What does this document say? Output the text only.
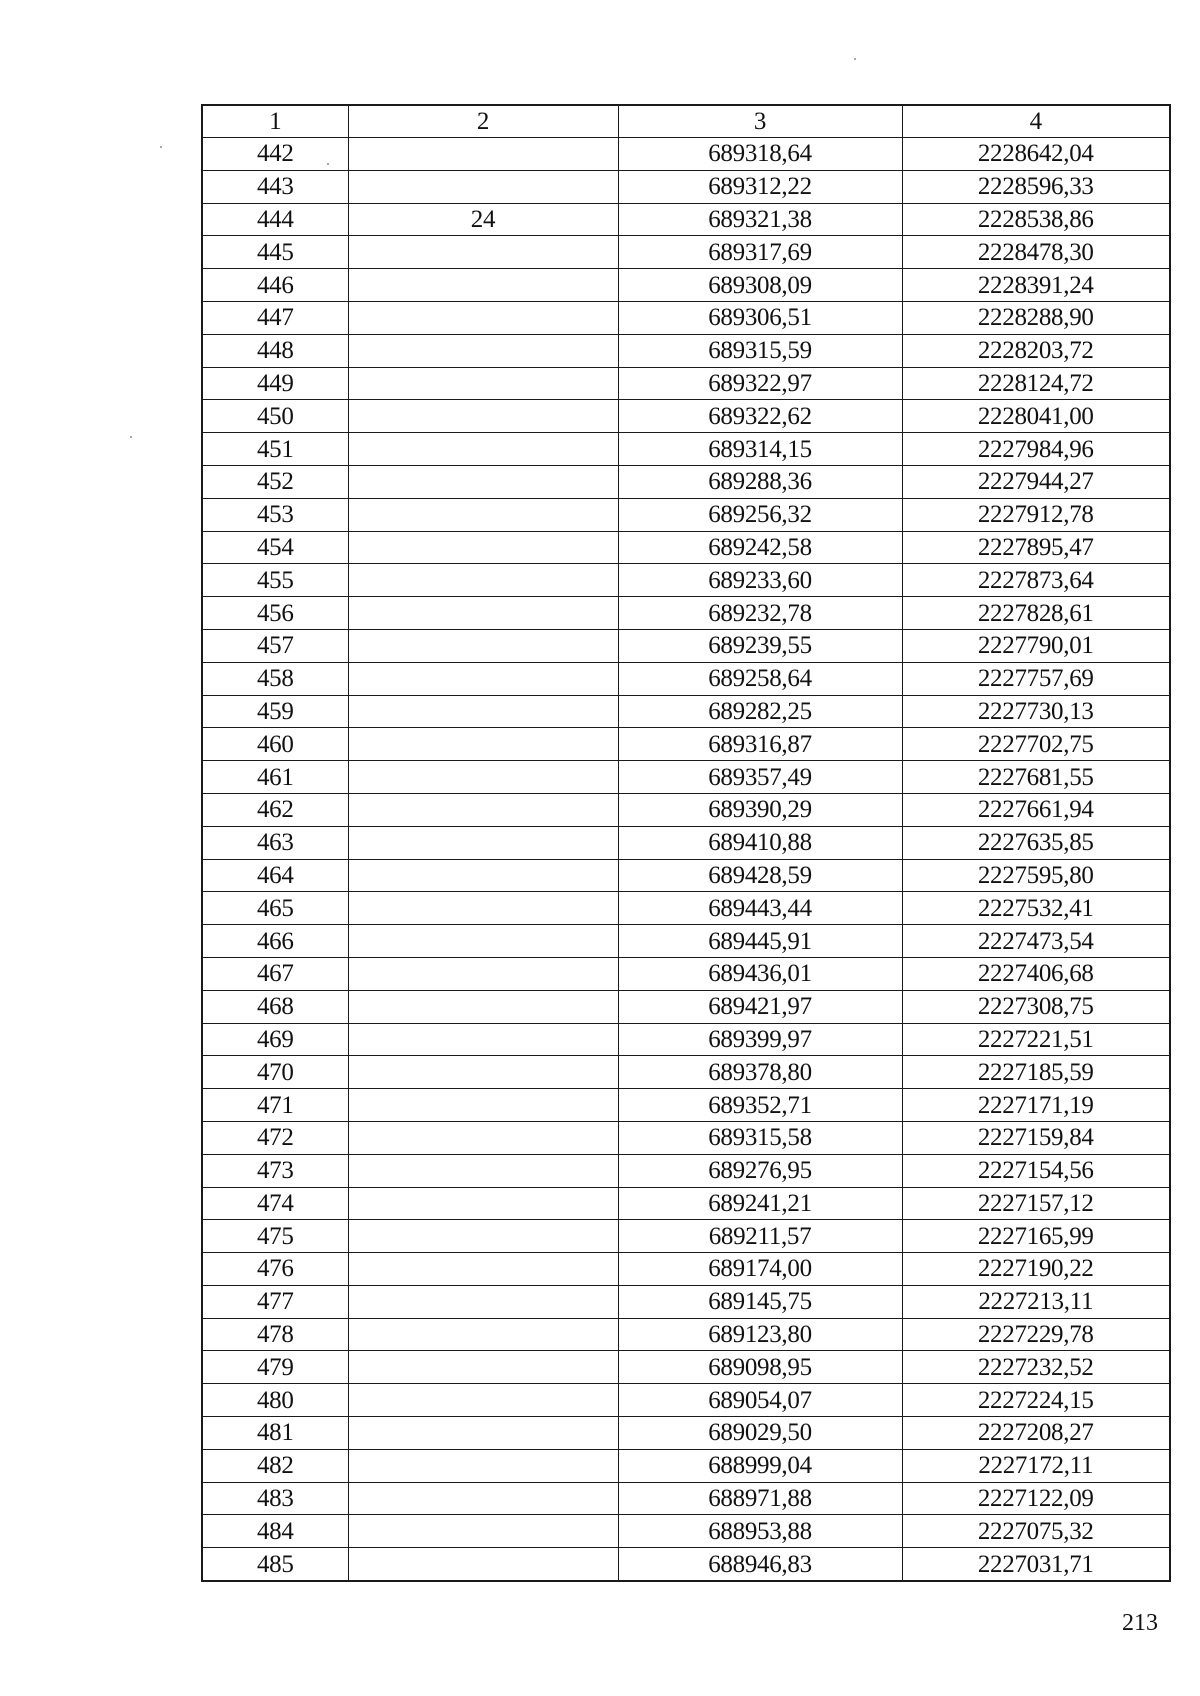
1	2	3	4
442		689318,64	2228642,04
443		689312,22	2228596,33
444	24	689321,38	2228538,86
445		689317,69	2228478,30
446		689308,09	2228391,24
447		689306,51	2228288,90
448		689315,59	2228203,72
449		689322,97	2228124,72
450		689322,62	2228041,00
451		689314,15	2227984,96
452		689288,36	2227944,27
453		689256,32	2227912,78
454		689242,58	2227895,47
455		689233,60	2227873,64
456		689232,78	2227828,61
457		689239,55	2227790,01
458		689258,64	2227757,69
459		689282,25	2227730,13
460		689316,87	2227702,75
461		689357,49	2227681,55
462		689390,29	2227661,94
463		689410,88	2227635,85
464		689428,59	2227595,80
465		689443,44	2227532,41
466		689445,91	2227473,54
467		689436,01	2227406,68
468		689421,97	2227308,75
469		689399,97	2227221,51
470		689378,80	2227185,59
471		689352,71	2227171,19
472		689315,58	2227159,84
473		689276,95	2227154,56
474		689241,21	2227157,12
475		689211,57	2227165,99
476		689174,00	2227190,22
477		689145,75	2227213,11
478		689123,80	2227229,78
479		689098,95	2227232,52
480		689054,07	2227224,15
481		689029,50	2227208,27
482		688999,04	2227172,11
483		688971,88	2227122,09
484		688953,88	2227075,32
485		688946,83	2227031,71
213
